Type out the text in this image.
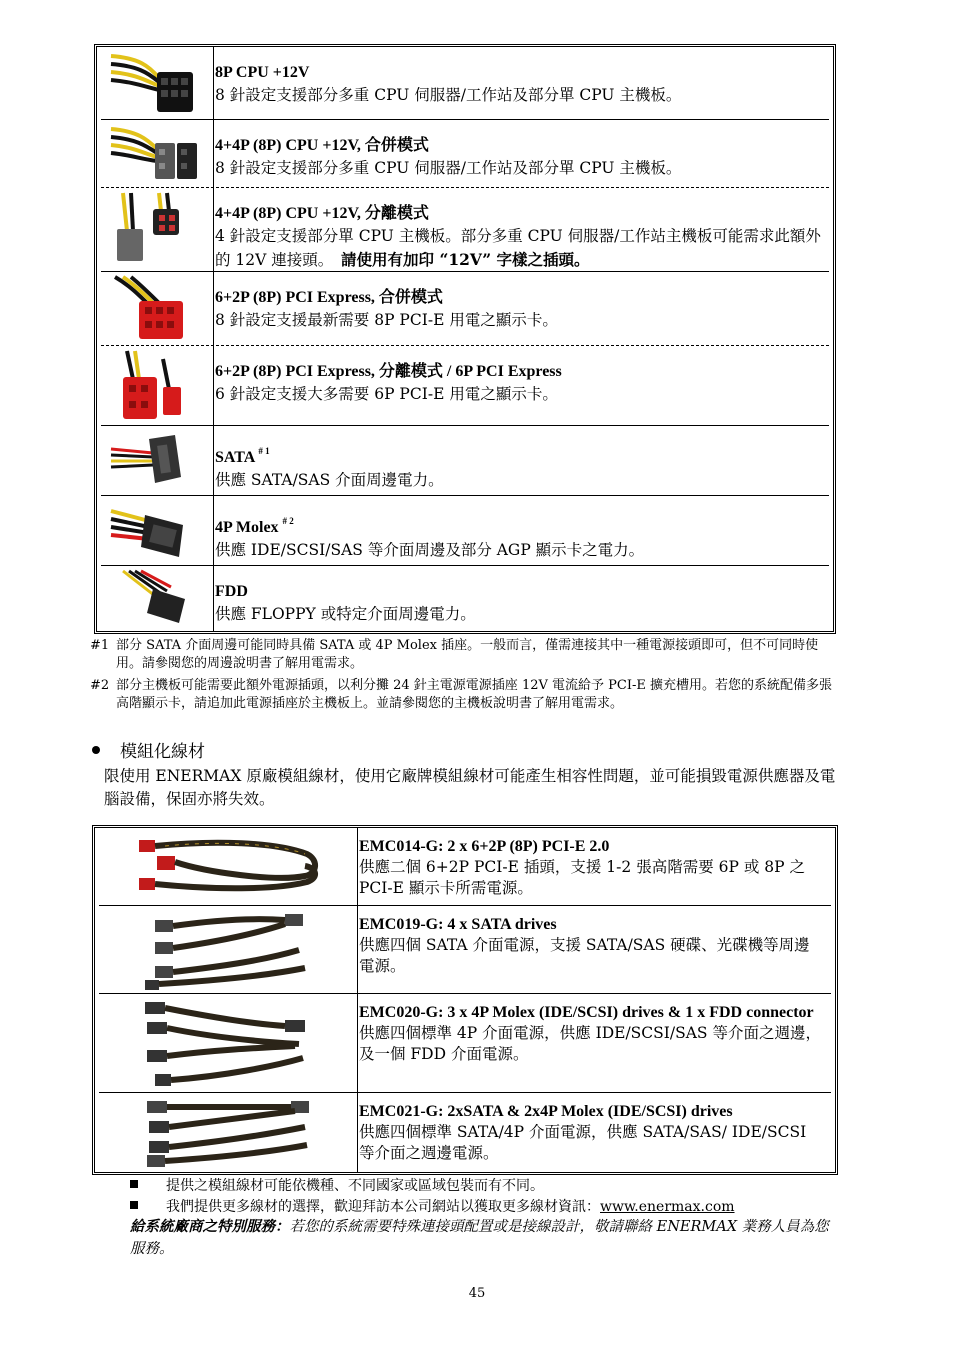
8P CPU +12V
8 針設定支援部分多重 CPU 伺服器/工作站及部分單 CPU 主機板。
4+4P (8P) CPU +12V, 合併模式
8 針設定支援部分多重 CPU 伺服器/工作站及部分單 CPU 主機板。
4+4P (8P) CPU +12V, 分離模式
4 針設定支援部分單 CPU 主機板。部分多重 CPU 伺服器/工作站主機板可能需求此額外的 12V 連接頭。　 請使用有加印 “12V” 字樣之插頭。
6+2P (8P) PCI Express, 合併模式
8 針設定支援最新需要 8P PCI-E 用電之顯示卡。
6+2P (8P) PCI Express, 分離模式 / 6P PCI Express
6 針設定支援大多需要 6P PCI-E 用電之顯示卡。
SATA $^{\# 1}$
供應 SATA/SAS 介面周邊電力。
4P Molex $^{\# 2}$
供應 IDE/SCSI/SAS 等介面周邊及部分 AGP 顯示卡之電力。
FDD
供應 FLOPPY 或特定介面周邊電力。
#1 部分 SATA 介面周邊可能同時具備 SATA 或 4P Molex 插座。一般而言，僅需連接其中一種電源接頭即可，但不可同時使用。請參閱您的周邊說明書了解用電需求。
#2 部分主機板可能需要此額外電源插頭，以利分攤 24 針主電源電源插座 12V 電流給予 PCI-E 擴充槽用。若您的系統配備多張高階顯示卡，請追加此電源插座於主機板上。並請參閱您的主機板說明書了解用電需求。
模組化線材
限使用 ENERMAX 原廠模組線材，使用它廠牌模組線材可能產生相容性問題，並可能損毀電源供應器及電腦設備，保固亦將失效。
EMC014-G: 2 x 6+2P (8P) PCI-E 2.0
供應二個 6+2P PCI-E 插頭，支援 1-2 張高階需要 6P 或 8P 之 PCI-E 顯示卡所需電源。
EMC019-G: 4 x SATA drives
供應四個 SATA 介面電源，支援 SATA/SAS 硬碟、光碟機等周邊電源。
EMC020-G: 3 x 4P Molex (IDE/SCSI) drives & 1 x FDD connector
供應四個標準 4P 介面電源，供應 IDE/SCSI/SAS 等介面之週邊，及一個 FDD 介面電源。
EMC021-G: 2xSATA & 2x4P Molex (IDE/SCSI) drives
供應四個標準 SATA/4P 介面電源，供應 SATA/SAS/ IDE/SCSI 等介面之週邊電源。
提供之模組線材可能依機種、不同國家或區域包裝而有不同。
我們提供更多線材的選擇，歡迎拜訪本公司網站以獲取更多線材資訊：www.enermax.com
給系統廠商之特別服務：若您的系統需要特殊連接頭配置或是接線設計，敬請聯絡 ENERMAX 業務人員為您服務。
45
